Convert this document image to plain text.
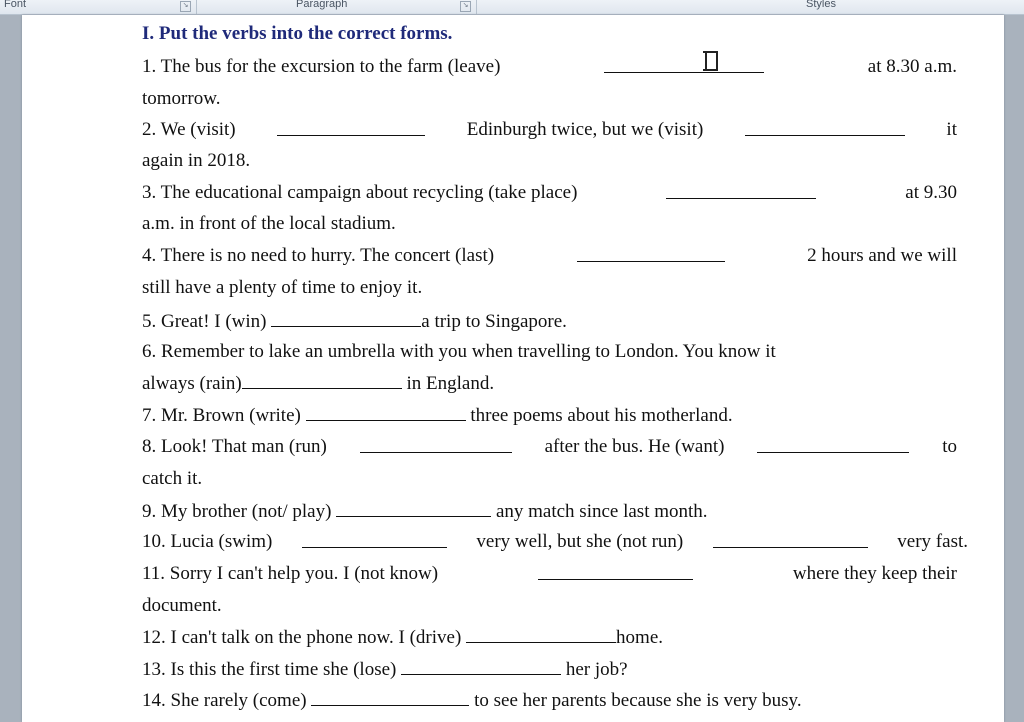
Font	↘	Paragraph	↘	Styles
I. Put the verbs into the correct forms.
1. The bus for the excursion to the farm (leave)	at 8.30 a.m.
tomorrow.
2. We (visit)	Edinburgh twice, but we (visit)	it
again in 2018.
3. The educational campaign about recycling (take place)	at 9.30
a.m. in front of the local stadium.
4. There is no need to hurry. The concert (last)	2 hours and we will
still have a plenty of time to enjoy it.
5. Great! I (win)	a trip to Singapore.
6. Remember to lake an umbrella with you when travelling to London. You know it
always (rain)	in England.
7. Mr. Brown (write)	three poems about his motherland.
8. Look! That man (run)	after the bus. He (want)	to
catch it.
9. My brother (not/ play)	any match since last month.
10. Lucia (swim)	very well, but she (not run)	very fast.
11. Sorry I can't help you. I (not know)	where they keep their
document.
12. I can't talk on the phone now. I (drive)	home.
13. Is this the first time she (lose)	her job?
14. She rarely (come)	to see her parents because she is very busy.
